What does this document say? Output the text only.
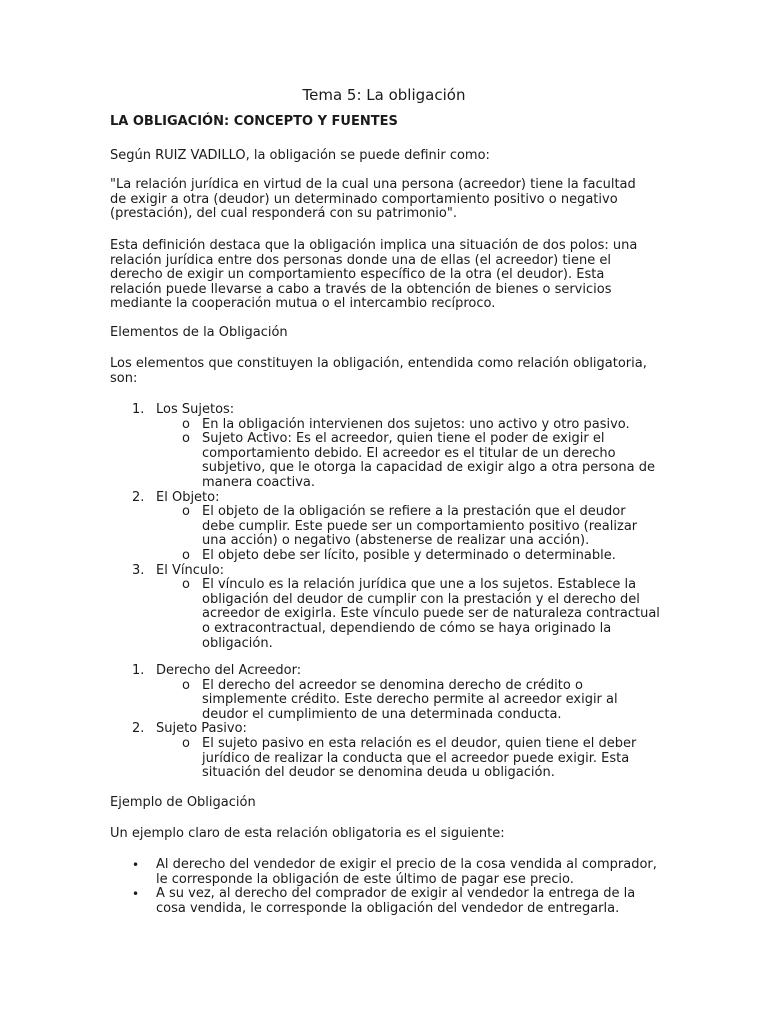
Tema 5: La obligación
LA OBLIGACIÓN: CONCEPTO Y FUENTES

Según RUIZ VADILLO, la obligación se puede definir como:

"La relación jurídica en virtud de la cual una persona (acreedor) tiene la facultad de exigir a otra (deudor) un determinado comportamiento positivo o negativo (prestación), del cual responderá con su patrimonio".

Esta definición destaca que la obligación implica una situación de dos polos: una relación jurídica entre dos personas donde una de ellas (el acreedor) tiene el derecho de exigir un comportamiento específico de la otra (el deudor). Esta relación puede llevarse a cabo a través de la obtención de bienes o servicios mediante la cooperación mutua o el intercambio recíproco.

Elementos de la Obligación

Los elementos que constituyen la obligación, entendida como relación obligatoria, son:

1. Los Sujetos:
o En la obligación intervienen dos sujetos: uno activo y otro pasivo.
o Sujeto Activo: Es el acreedor, quien tiene el poder de exigir el comportamiento debido. El acreedor es el titular de un derecho subjetivo, que le otorga la capacidad de exigir algo a otra persona de manera coactiva.
2. El Objeto:
o El objeto de la obligación se refiere a la prestación que el deudor debe cumplir. Este puede ser un comportamiento positivo (realizar una acción) o negativo (abstenerse de realizar una acción).
o El objeto debe ser lícito, posible y determinado o determinable.
3. El Vínculo:
o El vínculo es la relación jurídica que une a los sujetos. Establece la obligación del deudor de cumplir con la prestación y el derecho del acreedor de exigirla. Este vínculo puede ser de naturaleza contractual o extracontractual, dependiendo de cómo se haya originado la obligación.
1. Derecho del Acreedor:
o El derecho del acreedor se denomina derecho de crédito o simplemente crédito. Este derecho permite al acreedor exigir al deudor el cumplimiento de una determinada conducta.
2. Sujeto Pasivo:
o El sujeto pasivo en esta relación es el deudor, quien tiene el deber jurídico de realizar la conducta que el acreedor puede exigir. Esta situación del deudor se denomina deuda u obligación.

Ejemplo de Obligación

Un ejemplo claro de esta relación obligatoria es el siguiente:

• Al derecho del vendedor de exigir el precio de la cosa vendida al comprador, le corresponde la obligación de este último de pagar ese precio.
• A su vez, al derecho del comprador de exigir al vendedor la entrega de la cosa vendida, le corresponde la obligación del vendedor de entregarla.
